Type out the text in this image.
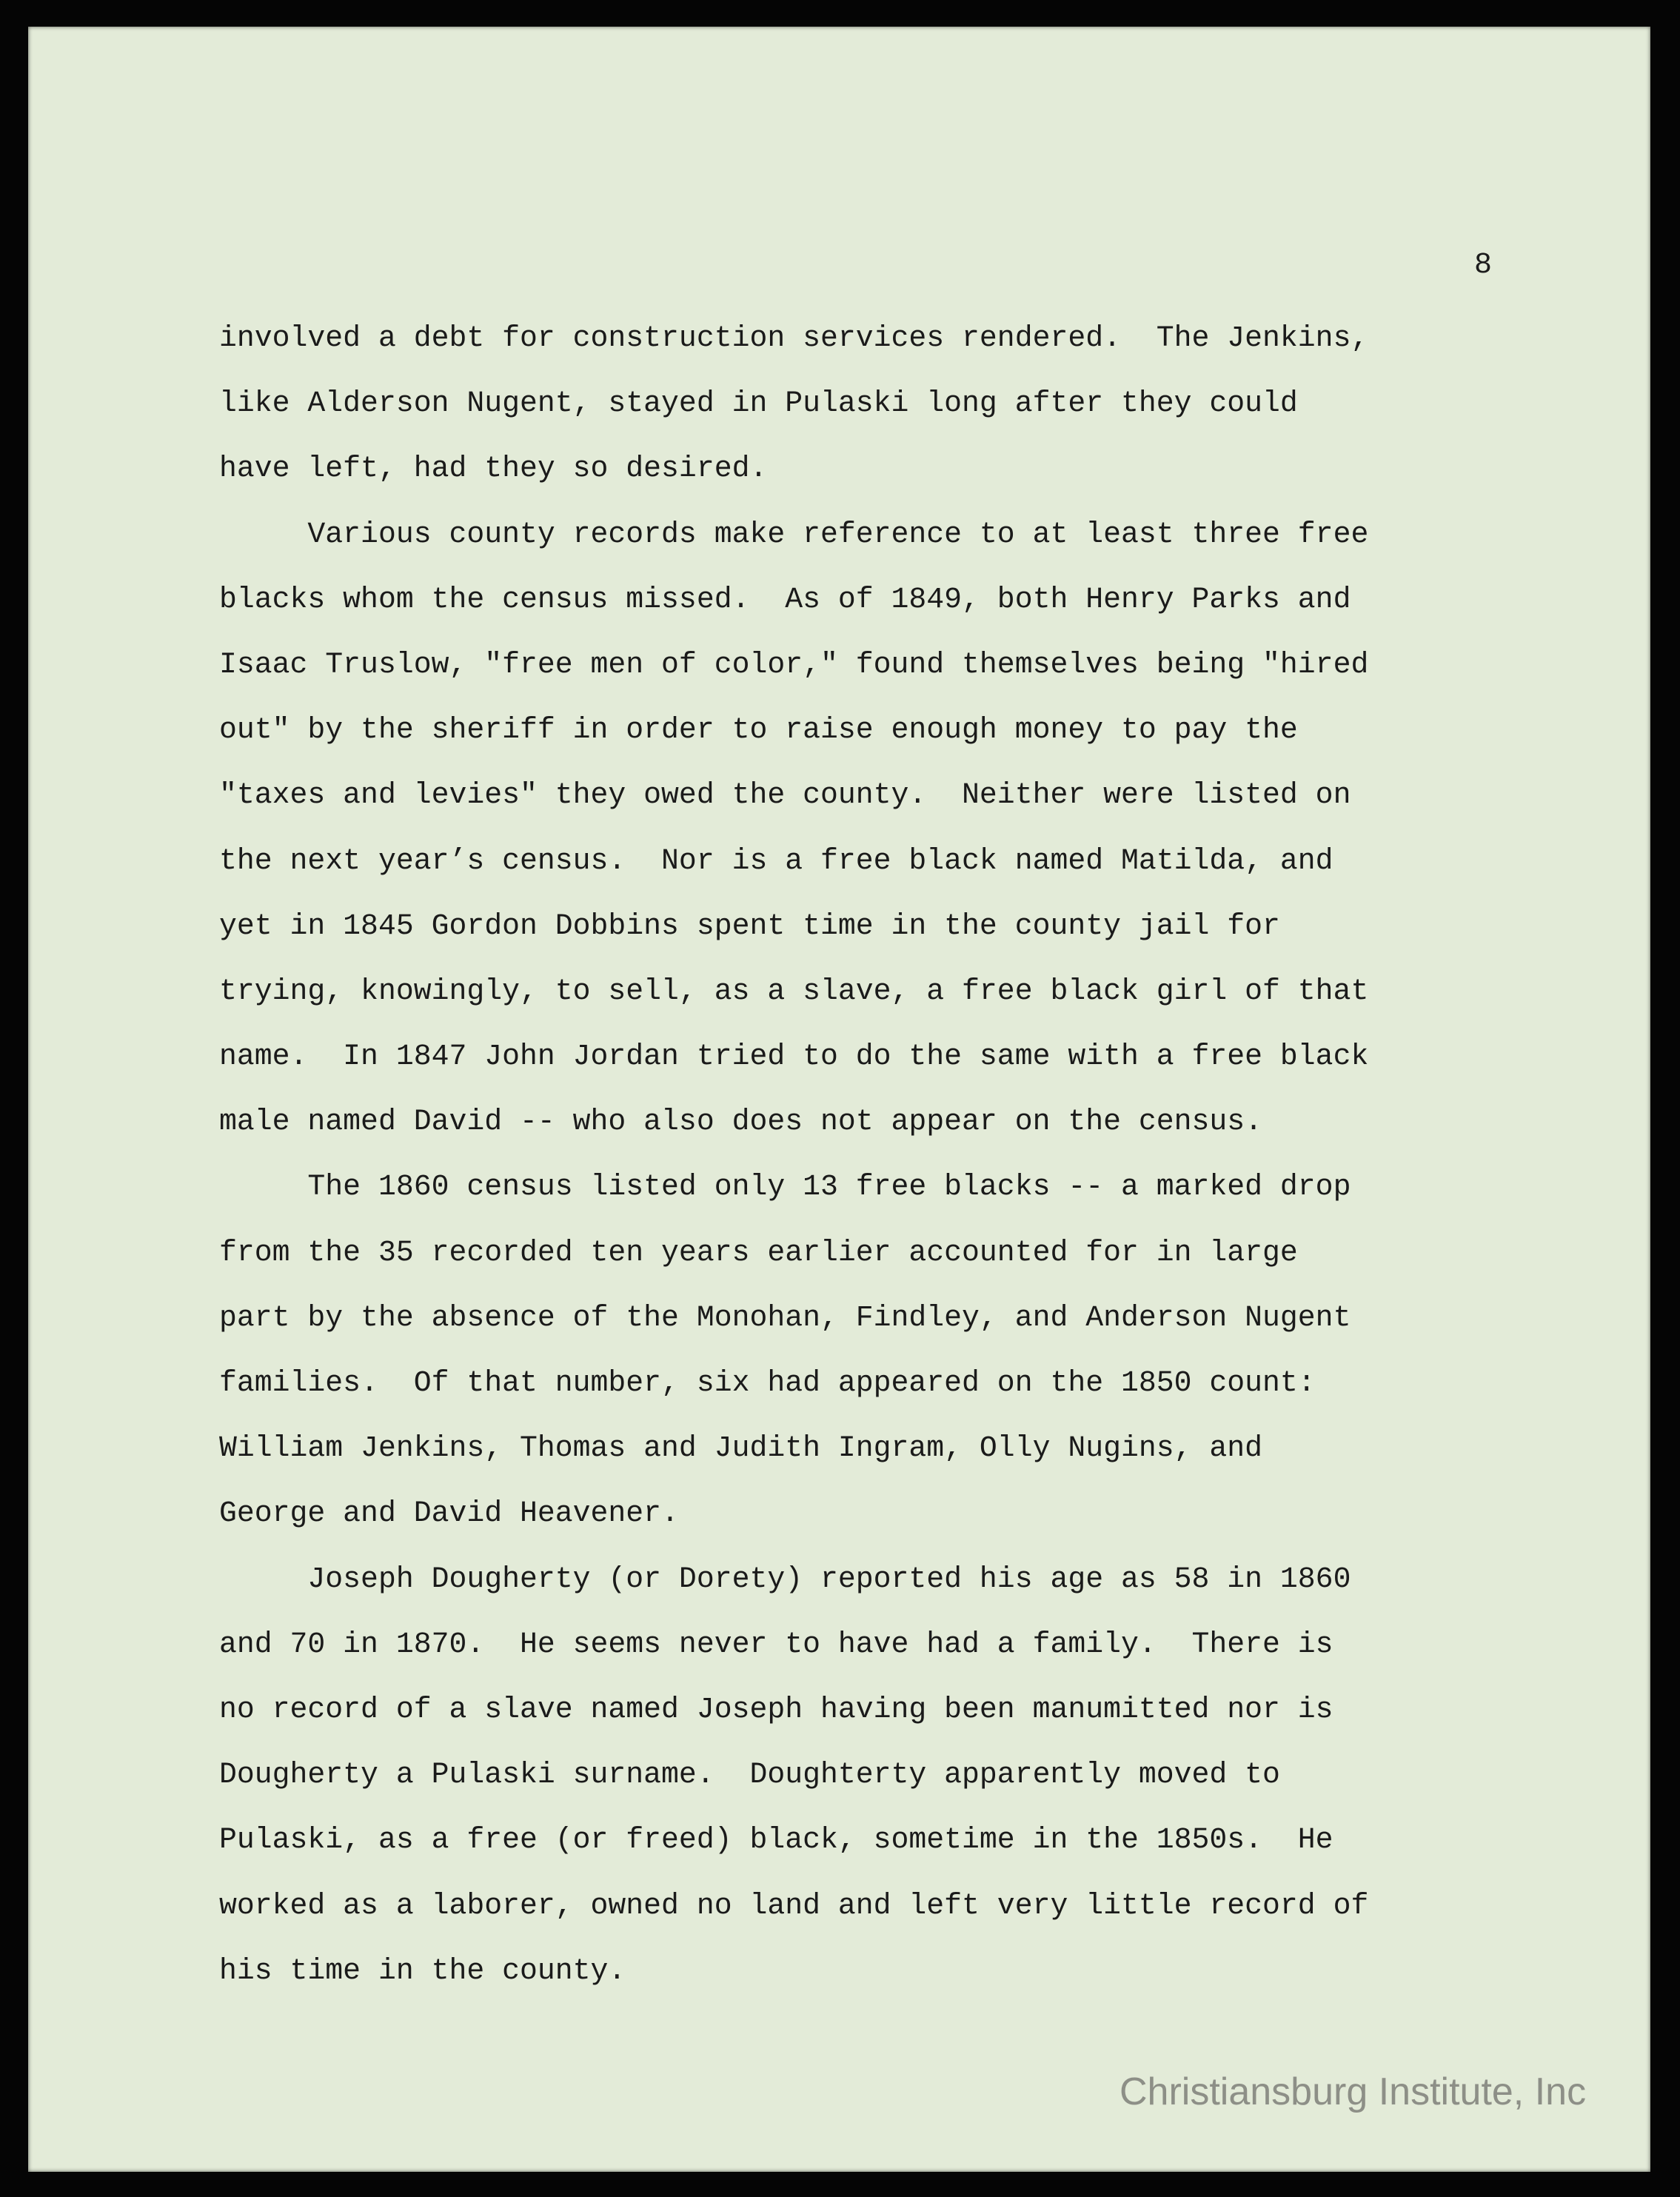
8
involved a debt for construction services rendered.  The Jenkins,
like Alderson Nugent, stayed in Pulaski long after they could
have left, had they so desired.
Various county records make reference to at least three free
blacks whom the census missed.  As of 1849, both Henry Parks and
Isaac Truslow, "free men of color," found themselves being "hired
out" by the sheriff in order to raise enough money to pay the
"taxes and levies" they owed the county.  Neither were listed on
the next year’s census.  Nor is a free black named Matilda, and
yet in 1845 Gordon Dobbins spent time in the county jail for
trying, knowingly, to sell, as a slave, a free black girl of that
name.  In 1847 John Jordan tried to do the same with a free black
male named David -- who also does not appear on the census.
The 1860 census listed only 13 free blacks -- a marked drop
from the 35 recorded ten years earlier accounted for in large
part by the absence of the Monohan, Findley, and Anderson Nugent
families.  Of that number, six had appeared on the 1850 count:
William Jenkins, Thomas and Judith Ingram, Olly Nugins, and
George and David Heavener.
Joseph Dougherty (or Dorety) reported his age as 58 in 1860
and 70 in 1870.  He seems never to have had a family.  There is
no record of a slave named Joseph having been manumitted nor is
Dougherty a Pulaski surname.  Doughterty apparently moved to
Pulaski, as a free (or freed) black, sometime in the 1850s.  He
worked as a laborer, owned no land and left very little record of
his time in the county.
Christiansburg Institute, Inc
